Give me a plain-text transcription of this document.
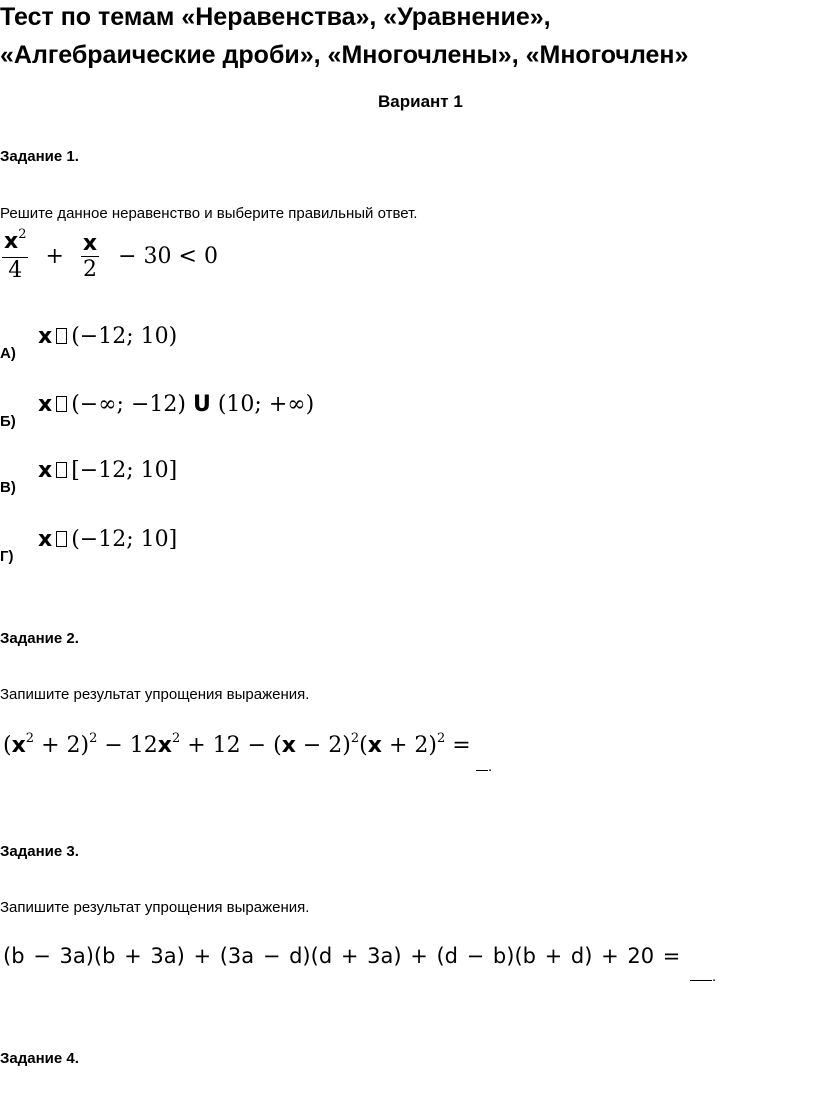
Тест по темам «Неравенства», «Уравнение»,
«Алгебраические дроби», «Многочлены», «Многочлен»
Вариант 1
Задание 1.
Решите данное неравенство и выберите правильный ответ.
$\frac{x^2}{4} + \frac{x}{2} - 30 < 0$
А)
x (−12; 10)
Б)
x (−∞; −12) U (10; +∞)
В)
x [−12; 10]
Г)
x (−12; 10]
Задание 2.
Запишите результат упрощения выражения.
$(x^2 + 2)^2 - 12x^2 + 12 - (x - 2)^2(x + 2)^2$ =
.
Задание 3.
Запишите результат упрощения выражения.
(b − 3a)(b + 3a) + (3a − d)(d + 3a) + (d − b)(b + d) + 20 =
.
Задание 4.
